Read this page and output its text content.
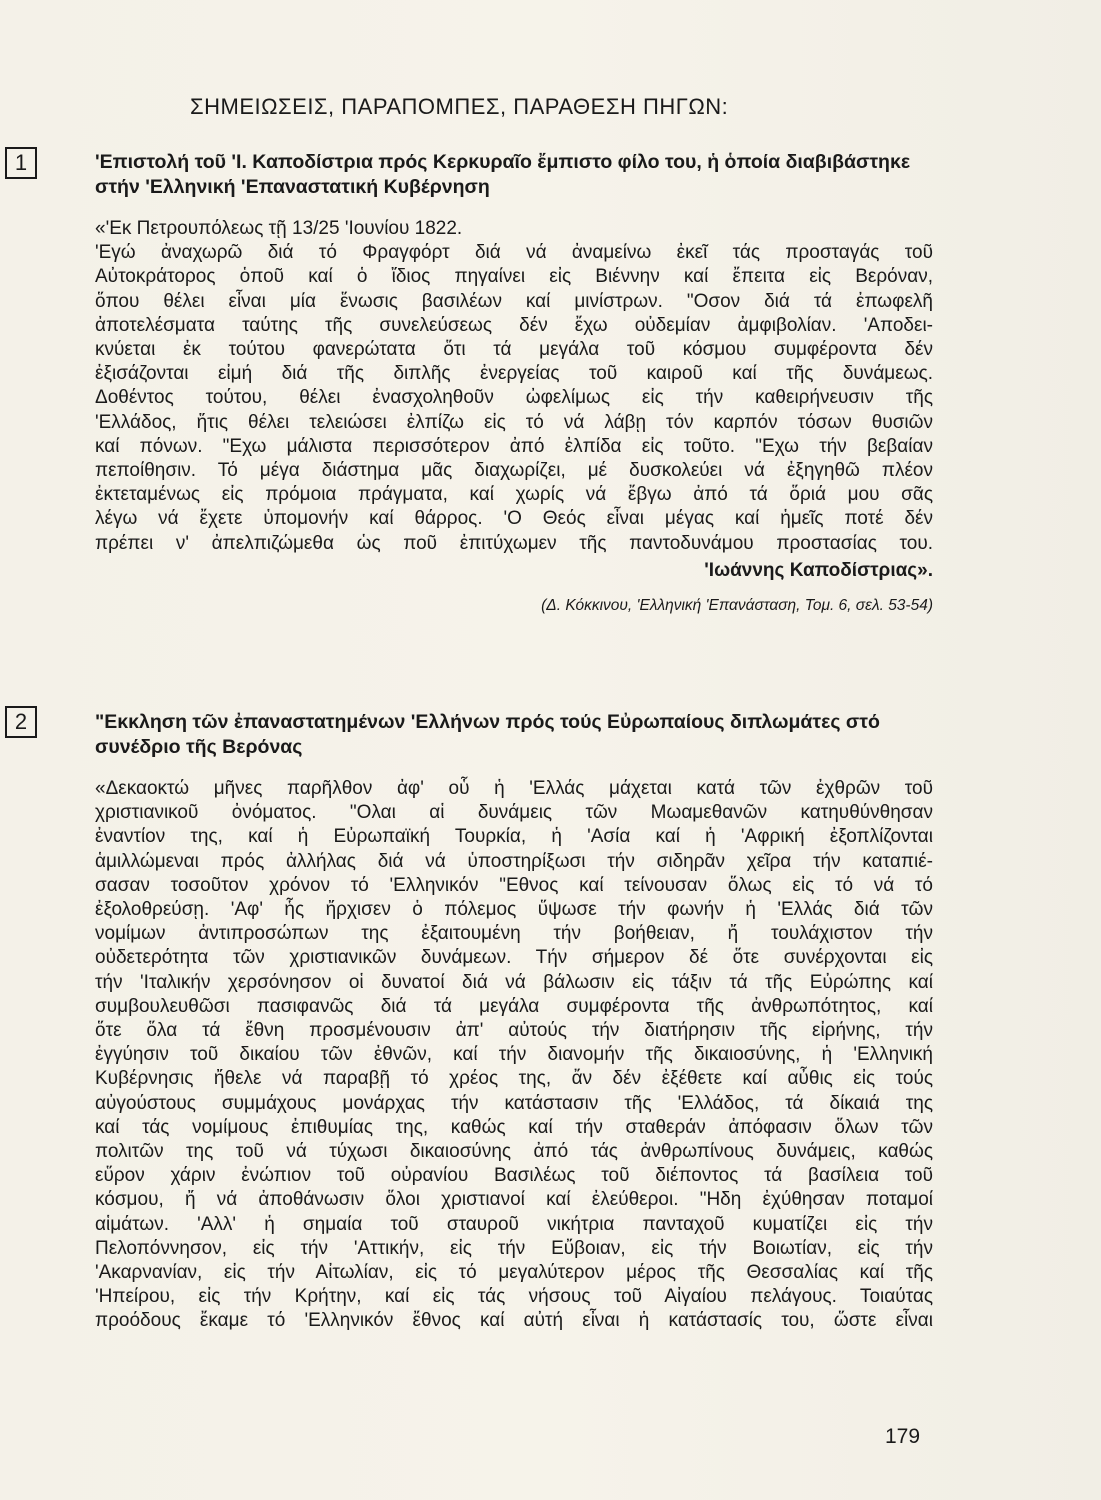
ΣΗΜΕΙΩΣΕΙΣ, ΠΑΡΑΠΟΜΠΕΣ, ΠΑΡΑΘΕΣΗ ΠΗΓΩΝ:
1	'Επιστολή τοῦ 'Ι. Καποδίστρια πρός Κερκυραῖο ἔμπιστο φίλο του, ἡ ὁποία διαβιβάστηκε στήν 'Ελληνική 'Επαναστατική Κυβέρνηση
«'Εκ Πετρουπόλεως τῇ 13/25 'Ιουνίου 1822.
'Εγώ ἀναχωρῶ διά τό Φραγφόρτ διά νά ἀναμείνω ἐκεῖ τάς προσταγάς τοῦ
Αὐτοκράτορος ὁποῦ καί ὁ ἴδιος πηγαίνει εἰς Βιέννην καί ἔπειτα εἰς Βερόναν,
ὅπου θέλει εἶναι μία ἕνωσις βασιλέων καί μινίστρων. "Οσον διά τά ἐπωφελῆ
ἀποτελέσματα ταύτης τῆς συνελεύσεως δέν ἔχω οὐδεμίαν ἀμφιβολίαν. 'Αποδει-
κνύεται ἐκ τούτου φανερώτατα ὅτι τά μεγάλα τοῦ κόσμου συμφέροντα δέν
ἐξισάζονται εἰμή διά τῆς διπλῆς ἐνεργείας τοῦ καιροῦ καί τῆς δυνάμεως.
Δοθέντος τούτου, θέλει ἐνασχοληθοῦν ὠφελίμως εἰς τήν καθειρήνευσιν τῆς
'Ελλάδος, ἥτις θέλει τελειώσει ἐλπίζω εἰς τό νά λάβῃ τόν καρπόν τόσων θυσιῶν
καί πόνων. "Εχω μάλιστα περισσότερον ἀπό ἐλπίδα εἰς τοῦτο. "Εχω τήν βεβαίαν
πεποίθησιν. Τό μέγα διάστημα μᾶς διαχωρίζει, μέ δυσκολεύει νά ἐξηγηθῶ πλέον
ἐκτεταμένως εἰς πρόμοια πράγματα, καί χωρίς νά ἔβγω ἀπό τά ὅριά μου σᾶς
λέγω νά ἔχετε ὑπομονήν καί θάρρος. 'Ο Θεός εἶναι μέγας καί ἡμεῖς ποτέ δέν
πρέπει ν' ἀπελπιζώμεθα ὡς ποῦ ἐπιτύχωμεν τῆς παντοδυνάμου προστασίας του.
'Ιωάννης Καποδίστριας».
(Δ. Κόκκινου, 'Ελληνική 'Επανάσταση, Τομ. 6, σελ. 53-54)
2	"Εκκληση τῶν ἐπαναστατημένων 'Ελλήνων πρός τούς Εὐρωπαίους διπλωμάτες στό συνέδριο τῆς Βερόνας
«Δεκαοκτώ μῆνες παρῆλθον ἀφ' οὗ ἡ 'Ελλάς μάχεται κατά τῶν ἐχθρῶν τοῦ
χριστιανικοῦ ὀνόματος. "Ολαι αἱ δυνάμεις τῶν Μωαμεθανῶν κατηυθύνθησαν
ἐναντίον της, καί ἡ Εὐρωπαϊκή Τουρκία, ἡ 'Ασία καί ἡ 'Αφρική ἐξοπλίζονται
ἁμιλλώμεναι πρός ἀλλήλας διά νά ὑποστηρίξωσι τήν σιδηρᾶν χεῖρα τήν καταπιέ-
σασαν τοσοῦτον χρόνον τό 'Ελληνικόν "Εθνος καί τείνουσαν ὅλως εἰς τό νά τό
ἐξολοθρεύσῃ. 'Αφ' ἧς ἤρχισεν ὁ πόλεμος ὕψωσε τήν φωνήν ἡ 'Ελλάς διά τῶν
νομίμων ἀντιπροσώπων της ἐξαιτουμένη τήν βοήθειαν, ἤ τουλάχιστον τήν
οὐδετερότητα τῶν χριστιανικῶν δυνάμεων. Τήν σήμερον δέ ὅτε συνέρχονται εἰς
τήν 'Ιταλικήν χερσόνησον οἱ δυνατοί διά νά βάλωσιν εἰς τάξιν τά τῆς Εὐρώπης καί
συμβουλευθῶσι πασιφανῶς διά τά μεγάλα συμφέροντα τῆς ἀνθρωπότητος, καί
ὅτε ὅλα τά ἔθνη προσμένουσιν ἀπ' αὐτούς τήν διατήρησιν τῆς εἰρήνης, τήν
ἐγγύησιν τοῦ δικαίου τῶν ἐθνῶν, καί τήν διανομήν τῆς δικαιοσύνης, ἡ 'Ελληνική
Κυβέρνησις ἤθελε νά παραβῇ τό χρέος της, ἄν δέν ἐξέθετε καί αὖθις εἰς τούς
αὐγούστους συμμάχους μονάρχας τήν κατάστασιν τῆς 'Ελλάδος, τά δίκαιά της
καί τάς νομίμους ἐπιθυμίας της, καθώς καί τήν σταθεράν ἀπόφασιν ὅλων τῶν
πολιτῶν της τοῦ νά τύχωσι δικαιοσύνης ἀπό τάς ἀνθρωπίνους δυνάμεις, καθώς
εὕρον χάριν ἐνώπιον τοῦ οὐρανίου Βασιλέως τοῦ διέποντος τά βασίλεια τοῦ
κόσμου, ἤ νά ἀποθάνωσιν ὅλοι χριστιανοί καί ἐλεύθεροι. "Ηδη ἐχύθησαν ποταμοί
αἱμάτων. 'Αλλ' ἡ σημαία τοῦ σταυροῦ νικήτρια πανταχοῦ κυματίζει εἰς τήν
Πελοπόννησον, εἰς τήν 'Αττικήν, εἰς τήν Εὔβοιαν, εἰς τήν Βοιωτίαν, εἰς τήν
'Ακαρνανίαν, εἰς τήν Αἰτωλίαν, εἰς τό μεγαλύτερον μέρος τῆς Θεσσαλίας καί τῆς
'Ηπείρου, εἰς τήν Κρήτην, καί εἰς τάς νήσους τοῦ Αἰγαίου πελάγους. Τοιαύτας
προόδους ἔκαμε τό 'Ελληνικόν ἔθνος καί αὐτή εἶναι ἡ κατάστασίς του, ὥστε εἶναι
179
